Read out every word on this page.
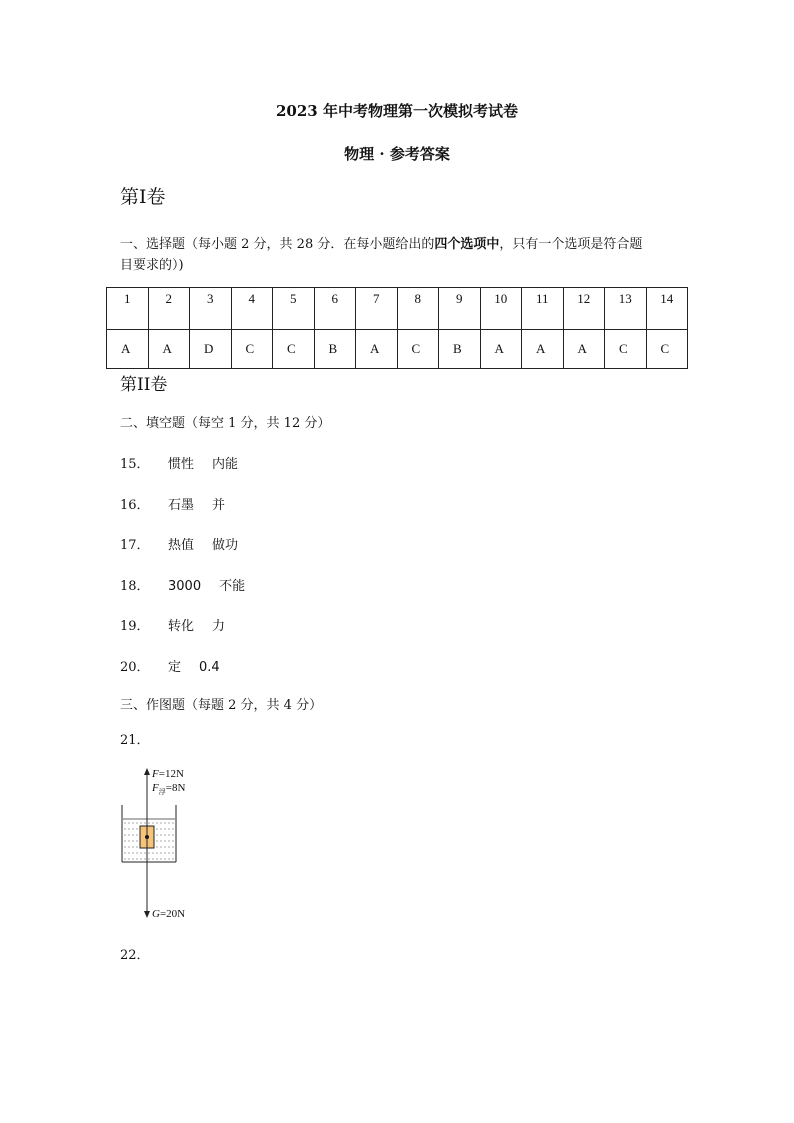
2023 年中考物理第一次模拟考试卷
物理 · 参考答案
第Ⅰ卷
一、选择题（每小题 2 分，共 28 分．在每小题给出的四个选项中，只有一个选项是符合题
目要求的）)
1	2	3	4	5	6	7	8	9	10	11	12	13	14
A	A	D	C	C	B	A	C	B	A	A	A	C	C
第II卷
二、填空题（每空 1 分，共 12 分）
15． 惯性 内能
16． 石墨 并
17． 热值 做功
18． 3000 不能
19． 转化 力
20． 定 0.4
三、作图题（每题 2 分，共 4 分）
21．
F=12N
$F_浮=8N$
G=20N
22．
